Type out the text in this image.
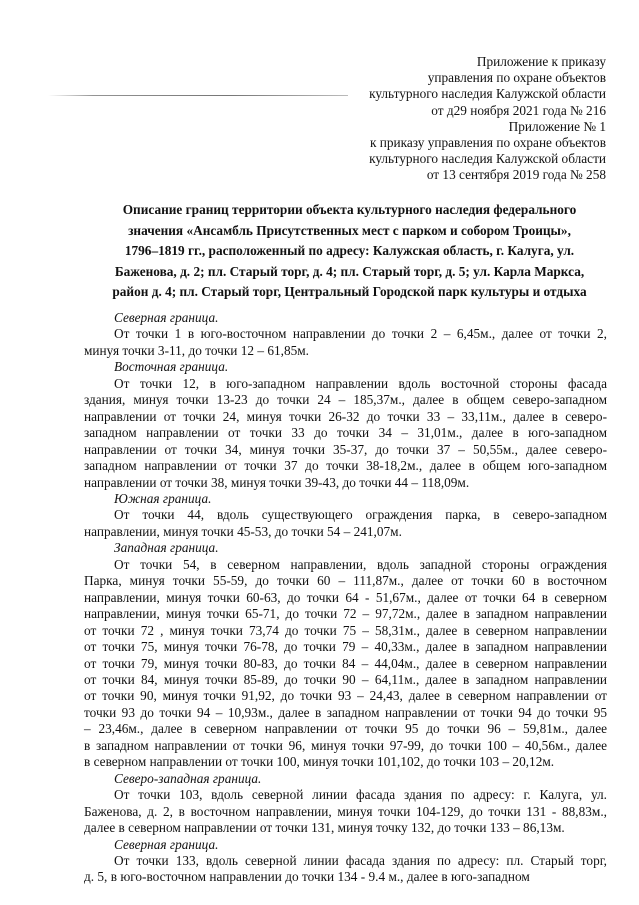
Приложение к приказу
управления по охране объектов
культурного наследия Калужской области
от д29 ноября 2021 года № 216
Приложение № 1
к приказу управления по охране объектов
культурного наследия Калужской области
от 13 сентября 2019 года № 258
Описание границ территории объекта культурного наследия федерального
значения «Ансамбль Присутственных мест с парком и собором Троицы»,
1796–1819 гг., расположенный по адресу: Калужская область, г. Калуга, ул.
Баженова, д. 2; пл. Старый торг, д. 4; пл. Старый торг, д. 5; ул. Карла Маркса,
район д. 4; пл. Старый торг, Центральный Городской парк культуры и отдыха
Северная граница.
От точки 1 в юго-восточном направлении до точки 2 – 6,45м., далее от точки 2,
минуя точки 3-11, до точки 12 – 61,85м.
Восточная граница.
От точки 12, в юго-западном направлении вдоль восточной стороны фасада
здания, минуя точки 13-23 до точки 24 – 185,37м., далее в общем северо-западном
направлении от точки 24, минуя точки 26-32 до точки 33 – 33,11м., далее в северо-
западном направлении от точки 33 до точки 34 – 31,01м., далее в юго-западном
направлении от точки 34, минуя точки 35-37, до точки 37 – 50,55м., далее северо-
западном направлении от точки 37 до точки 38-18,2м., далее в общем юго-западном
направлении от точки 38, минуя точки 39-43, до точки 44 – 118,09м.
Южная граница.
От точки 44, вдоль существующего ограждения парка, в северо-западном
направлении, минуя точки 45-53, до точки 54 – 241,07м.
Западная граница.
От точки 54, в северном направлении, вдоль западной стороны ограждения
Парка, минуя точки 55-59, до точки 60 – 111,87м., далее от точки 60 в восточном
направлении, минуя точки 60-63, до точки 64 - 51,67м., далее от точки 64 в северном
направлении, минуя точки 65-71, до точки 72 – 97,72м., далее в западном направлении
от точки 72 , минуя точки 73,74 до точки 75 – 58,31м., далее в северном направлении
от точки 75, минуя точки 76-78, до точки 79 – 40,33м., далее в западном направлении
от точки 79, минуя точки 80-83, до точки 84 – 44,04м., далее в северном направлении
от точки 84, минуя точки 85-89, до точки 90 – 64,11м., далее в западном направлении
от точки 90, минуя точки 91,92, до точки 93 – 24,43, далее в северном направлении от
точки 93 до точки 94 – 10,93м., далее в западном направлении от точки 94 до точки 95
– 23,46м., далее в северном направлении от точки 95 до точки 96 – 59,81м., далее
в западном направлении от точки 96, минуя точки 97-99, до точки 100 – 40,56м., далее
в северном направлении от точки 100, минуя точки 101,102, до точки 103 – 20,12м.
Северо-западная граница.
От точки 103, вдоль северной линии фасада здания по адресу: г. Калуга, ул.
Баженова, д. 2, в восточном направлении, минуя точки 104-129, до точки 131 - 88,83м.,
далее в северном направлении от точки 131, минуя точку 132, до точки 133 – 86,13м.
Северная граница.
От точки 133, вдоль северной линии фасада здания по адресу: пл. Старый торг,
д. 5, в юго-восточном направлении до точки 134 - 9.4 м., далее в юго-западном
